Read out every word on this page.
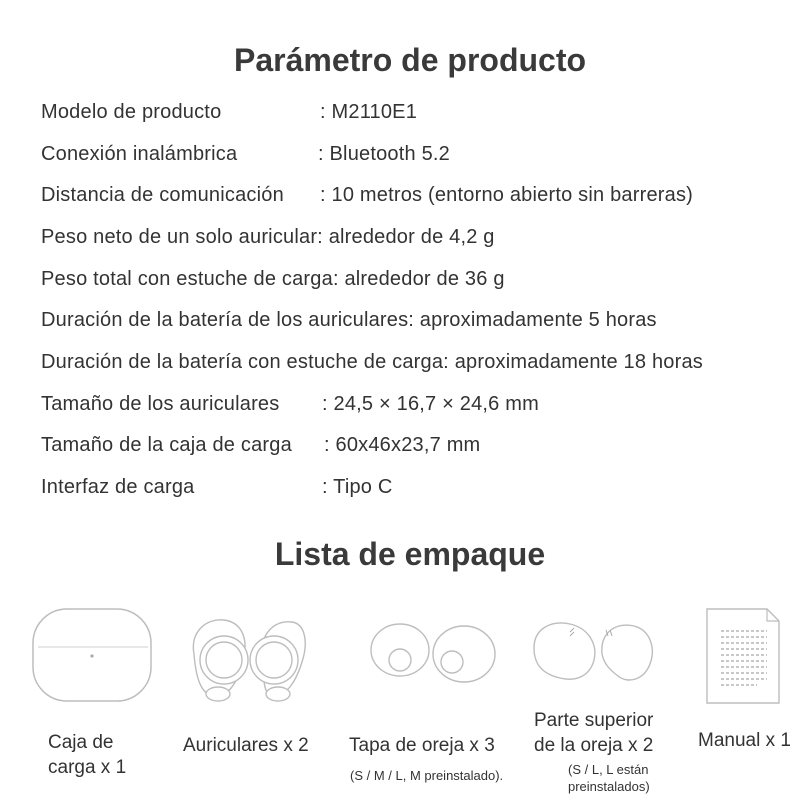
Parámetro de producto
Modelo de producto	: M2110E1
Conexión inalámbrica	: Bluetooth 5.2
Distancia de comunicación : 10 metros (entorno abierto sin barreras)
Peso neto de un solo auricular: alrededor de 4,2 g
Peso total con estuche de carga: alrededor de 36 g
Duración de la batería de los auriculares: aproximadamente 5 horas
Duración de la batería con estuche de carga: aproximadamente 18 horas
Tamaño de los auriculares : 24,5 × 16,7 × 24,6 mm
Tamaño de la caja de carga : 60x46x23,7 mm
Interfaz de carga	: Tipo C
Lista de empaque
Caja de
carga x 1
Auriculares x 2 Tapa de oreja x 3
(S / M / L, M preinstalado).
Parte superior
de la oreja x 2
(S / L, L están
preinstalados)
Manual x 1
